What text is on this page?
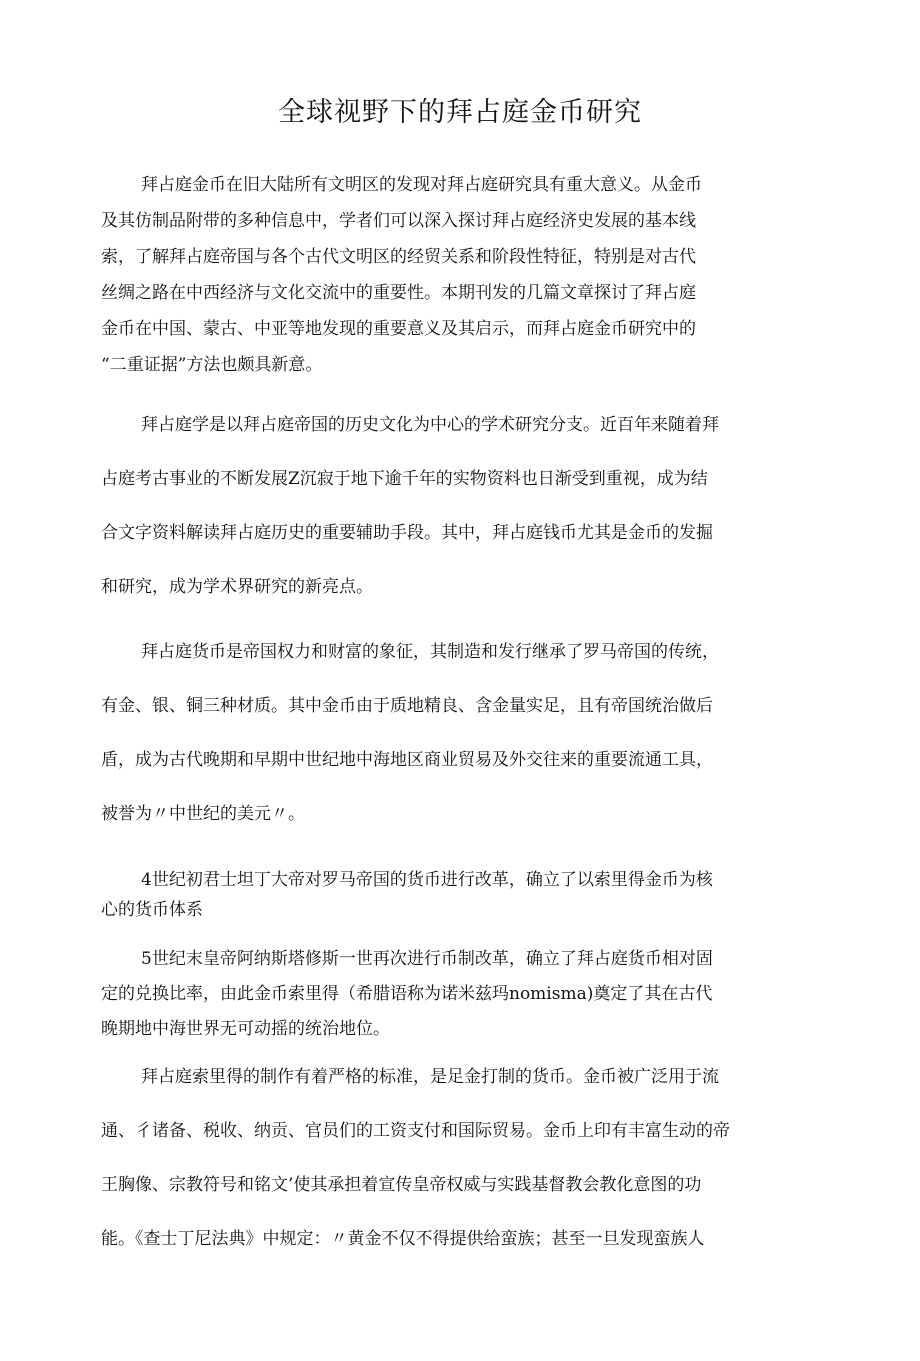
全球视野下的拜占庭金币研究
拜占庭金币在旧大陆所有文明区的发现对拜占庭研究具有重大意义。从金币
及其仿制品附带的多种信息中，学者们可以深入探讨拜占庭经济史发展的基本线
索，了解拜占庭帝国与各个古代文明区的经贸关系和阶段性特征，特别是对古代
丝绸之路在中西经济与文化交流中的重要性。本期刊发的几篇文章探讨了拜占庭
金币在中国、蒙古、中亚等地发现的重要意义及其启示，而拜占庭金币研究中的
“二重证据”方法也颇具新意。
拜占庭学是以拜占庭帝国的历史文化为中心的学术研究分支。近百年来随着拜
占庭考古事业的不断发展Z沉寂于地下逾千年的实物资料也日渐受到重视，成为结
合文字资料解读拜占庭历史的重要辅助手段。其中，拜占庭钱币尤其是金币的发掘
和研究，成为学术界研究的新亮点。
拜占庭货币是帝国权力和财富的象征，其制造和发行继承了罗马帝国的传统，
有金、银、铜三种材质。其中金币由于质地精良、含金量实足，且有帝国统治做后
盾，成为古代晚期和早期中世纪地中海地区商业贸易及外交往来的重要流通工具，
被誉为〃中世纪的美元〃。
4世纪初君士坦丁大帝对罗马帝国的货币进行改革，确立了以索里得金币为核
心的货币体系
5世纪末皇帝阿纳斯塔修斯一世再次进行币制改革，确立了拜占庭货币相对固
定的兑换比率，由此金币索里得（希腊语称为诺米兹玛nomisma)奠定了其在古代
晚期地中海世界无可动摇的统治地位。
拜占庭索里得的制作有着严格的标准，是足金打制的货币。金币被广泛用于流
通、彳诸备、税收、纳贡、官员们的工资支付和国际贸易。金币上印有丰富生动的帝
王胸像、宗教符号和铭文’使其承担着宣传皇帝权威与实践基督教会教化意图的功
能。《查士丁尼法典》中规定：〃黄金不仅不得提供给蛮族；甚至一旦发现蛮族人
